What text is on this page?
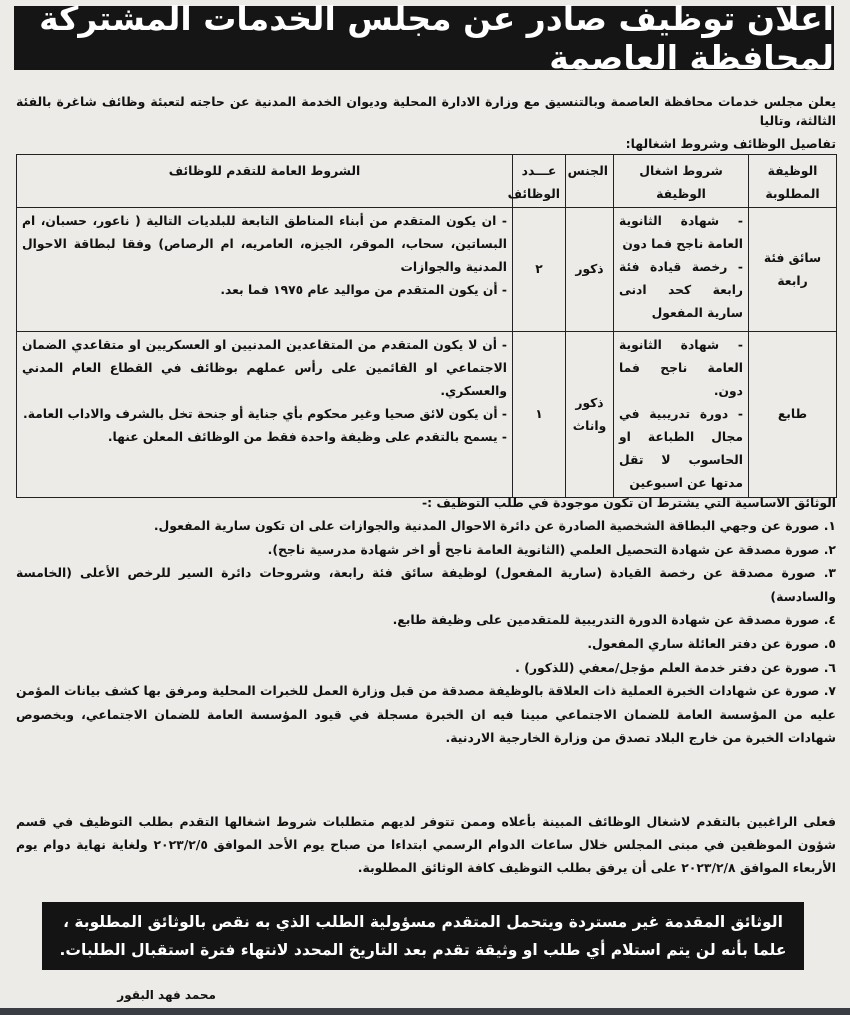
اعلان توظيف صادر عن مجلس الخدمات المشتركة لمحافظة العاصمة
يعلن مجلس خدمات محافظة العاصمة وبالتنسيق مع وزارة الادارة المحلية وديوان الخدمة المدنية عن حاجته لتعبئة وظائف شاغرة بالفئة الثالثة، وتاليا
تفاصيل الوظائف وشروط اشغالها:
الوظيفة المطلوبة	شروط اشغال الوظيفة	الجنس	عـــدد الوظائف	الشروط العامة للتقدم للوظائف
سائق فئة رابعة	- شهادة الثانوية العامة ناجح فما دون
- رخصة قيادة فئة رابعة كحد ادنى سارية المفعول	ذكور	٢	- ان يكون المتقدم من أبناء المناطق التابعة للبلديات التالية ( ناعور، حسبان، ام البساتين، سحاب، الموقر، الجيزه، العامريه، ام الرصاص) وفقا لبطاقة الاحوال المدنية والجوازات
- أن يكون المتقدم من مواليد عام ١٩٧٥ فما بعد.

طابع	- شهادة الثانوية العامة ناجح فما دون.
- دورة تدريبية في مجال الطباعة او الحاسوب لا تقل مدتها عن اسبوعين	ذكور واناث	١	- أن لا يكون المتقدم من المتقاعدين المدنيين او العسكريين او متقاعدي الضمان الاجتماعي او القائمين على رأس عملهم بوظائف في القطاع العام المدني والعسكري.
- أن يكون لائق صحيا وغير محكوم بأي جناية أو جنحة تخل بالشرف والاداب العامة.
- يسمح بالتقدم على وظيفة واحدة فقط من الوظائف المعلن عنها.
الوثائق الاساسية التي يشترط ان تكون موجودة في طلب التوظيف :-
١. صورة عن وجهي البطاقة الشخصية الصادرة عن دائرة الاحوال المدنية والجوازات على ان تكون سارية المفعول.
٢. صورة مصدقة عن شهادة التحصيل العلمي (الثانوية العامة ناجح أو اخر شهادة مدرسية ناجح).
٣. صورة مصدقة عن رخصة القيادة (سارية المفعول) لوظيفة سائق فئة رابعة، وشروحات دائرة السير للرخص الأعلى (الخامسة والسادسة)
٤. صورة مصدقة عن شهادة الدورة التدريبية للمتقدمين على وظيفة طابع.
٥. صورة عن دفتر العائلة ساري المفعول.
٦. صورة عن دفتر خدمة العلم مؤجل/معفي (للذكور) .
٧. صورة عن شهادات الخبرة العملية ذات العلاقة بالوظيفة مصدقة من قبل وزارة العمل للخبرات المحلية ومرفق بها كشف بيانات المؤمن عليه من المؤسسة العامة للضمان الاجتماعي مبينا فيه ان الخبرة مسجلة في قيود المؤسسة العامة للضمان الاجتماعي، وبخصوص شهادات الخبرة من خارج البلاد تصدق من وزارة الخارجية الاردنية.
فعلى الراغبين بالتقدم لاشغال الوظائف المبينة بأعلاه وممن تتوفر لديهم متطلبات شروط اشغالها التقدم بطلب التوظيف في قسم شؤون الموظفين في مبنى المجلس خلال ساعات الدوام الرسمي ابتداءا من صباح يوم الأحد الموافق ٢٠٢٣/٢/٥ ولغاية نهاية دوام يوم الأربعاء الموافق ٢٠٢٣/٢/٨ على أن يرفق بطلب التوظيف كافة الوثائق المطلوبة.
الوثائق المقدمة غير مستردة ويتحمل المتقدم مسؤولية الطلب الذي به نقص بالوثائق المطلوبة ،
علما بأنه لن يتم استلام أي طلب او وثيقة تقدم بعد التاريخ المحدد لانتهاء فترة استقبال الطلبات.
محمد فهد البقور
